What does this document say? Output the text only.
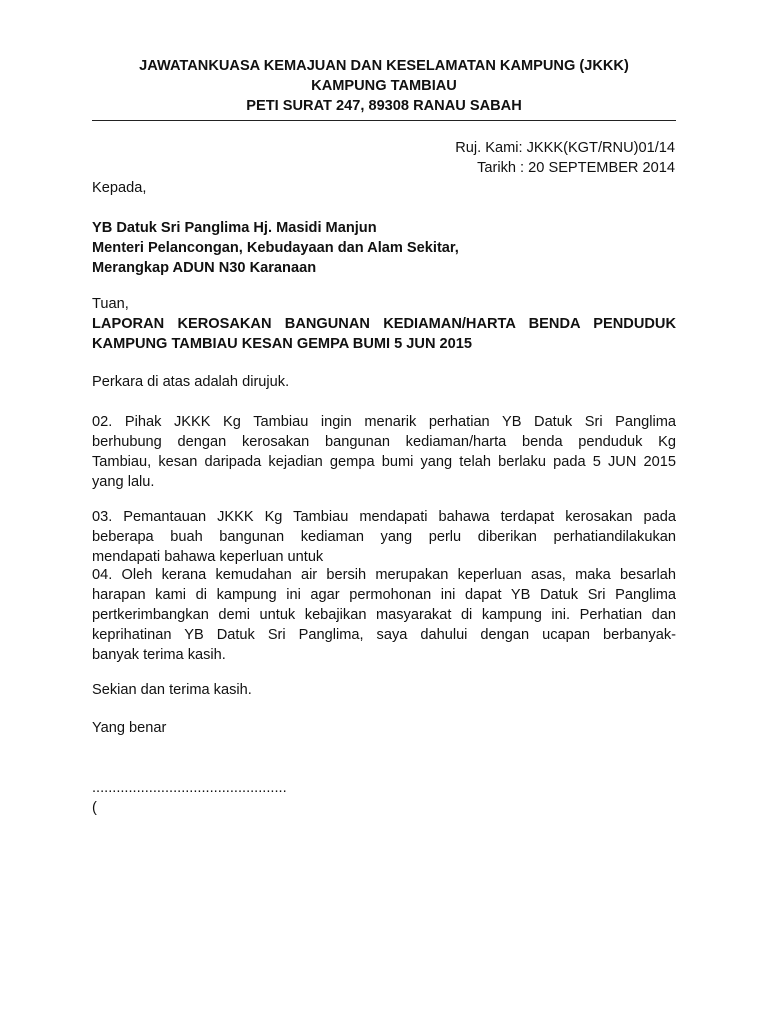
JAWATANKUASA KEMAJUAN DAN KESELAMATAN KAMPUNG (JKKK)
KAMPUNG TAMBIAU
PETI SURAT 247, 89308 RANAU SABAH
Ruj. Kami: JKKK(KGT/RNU)01/14
Tarikh : 20 SEPTEMBER 2014
Kepada,
YB Datuk Sri Panglima Hj. Masidi Manjun
Menteri Pelancongan, Kebudayaan dan Alam Sekitar,
Merangkap ADUN N30 Karanaan
Tuan,
LAPORAN KEROSAKAN BANGUNAN KEDIAMAN/HARTA BENDA PENDUDUK
KAMPUNG TAMBIAU KESAN GEMPA BUMI 5 JUN 2015
Perkara di atas adalah dirujuk.
02. Pihak JKKK Kg Tambiau ingin menarik perhatian YB Datuk Sri Panglima
berhubung dengan kerosakan bangunan kediaman/harta benda penduduk Kg
Tambiau, kesan daripada kejadian gempa bumi yang telah berlaku pada 5 JUN 2015
yang lalu.
03. Pemantauan JKKK Kg Tambiau mendapati bahawa terdapat kerosakan pada
beberapa buah bangunan kediaman yang perlu diberikan perhatiandilakukan
mendapati bahawa keperluan untuk
04. Oleh kerana kemudahan air bersih merupakan keperluan asas, maka besarlah
harapan kami di kampung ini agar permohonan ini dapat YB Datuk Sri Panglima
pertkerimbangkan demi untuk kebajikan masyarakat di kampung ini. Perhatian dan
keprihatinan YB Datuk Sri Panglima, saya dahului dengan ucapan berbanyak-
banyak terima kasih.
Sekian dan terima kasih.
Yang benar
................................................
(
